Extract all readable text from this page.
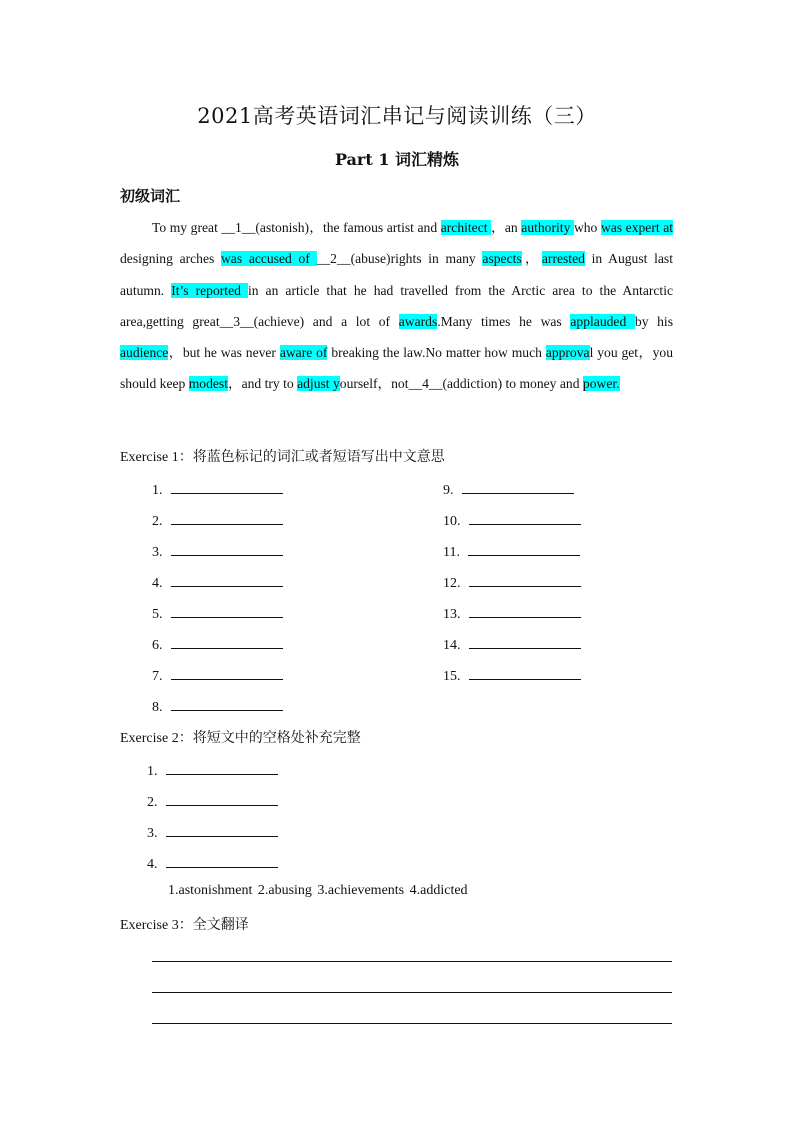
2021高考英语词汇串记与阅读训练（三）
Part 1 词汇精炼
初级词汇
To my great __1__(astonish)，the famous artist and architect ，an authority who was expert at designing arches was accused of __2__(abuse)rights in many aspects，arrested in August last autumn. It’s reported in an article that he had travelled from the Arctic area to the Antarctic area,getting great__3__(achieve) and a lot of awards.Many times he was applauded by his audience，but he was never aware of breaking the law.No matter how much approval you get，you should keep modest，and try to adjust yourself，not__4__(addiction) to money and power.
Exercise 1：将蓝色标记的词汇或者短语写出中文意思
1.
2.
3.
4.
5.
6.
7.
8.
9.
10.
11.
12.
13.
14.
15.
Exercise 2：将短文中的空格处补充完整
1.
2.
3.
4.
1.astonishment 2.abusing 3.achievements 4.addicted
Exercise 3：全文翻译
